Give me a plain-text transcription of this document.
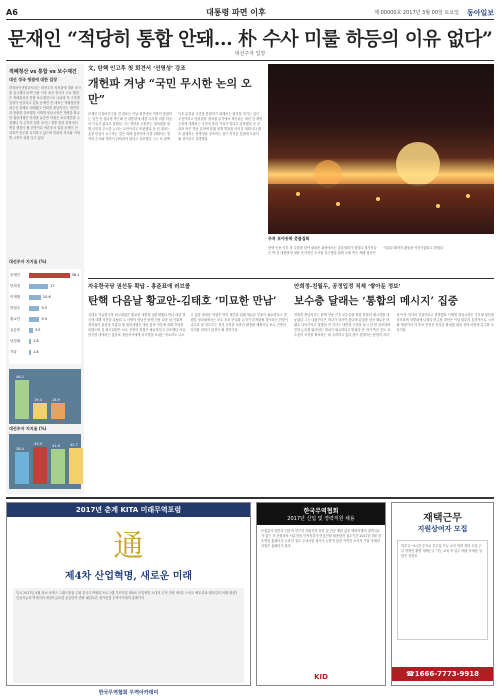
A6	대통령 파면 이후	제 00000호 2017년 3월 00일 토요일 동아일보
문재인 “적당히 통합 안돼… 朴 수사 미룰 하등의 이유 없다”
대선주자 입장
적폐청산 vs 통합 vs 보수재건
대선 정국 쟁점에 대한 입장
한상파이낸셜리서치는 대선주자 지지율에 대한 조사를 실시했다 탄핵 인용 이후 대선 정국의 주요 쟁점은 적폐청산과 통합 보수재건으로 나뉘며 각 주자별 입장이 엇갈리고 있다 문재인 전 대표는 적폐청산을 최우선 과제로 내세웠고 안희정 충남지사는 대연정과 통합을 강조했다 이재명 성남시장은 개혁을 황교안 권한대행은 안정을 유승민 의원은 보수재건을 주장했다 각 주자의 입장 차이는 향후 경선 과정에서 핵심 쟁점이 될 전망이다 여론조사 결과 문재인 전 대표가 선두를 유지하고 있으며 안희정 지사와 이재명 시장이 뒤를 잇고 있다
대선주자 지지율 (%)
문재인	36.1
안희정	17
이재명	10.6
안철수	9.3
황교안	9.3
유승민	3.5
남경필	1.8
기타	1.8
46.2
19.4	18.9
대선주자 지지율 (%)
38.4
43.9	41.6	42.7
文, 탄핵 인고후 첫 회견서 ‘선명성’ 강조
개헌파 겨냥 “국민 무시한 논의 오만”
문재인 더불어민주당 전 대표는 이날 회견에서 적당히 통합하는 것은 안 된다며 박근혜 전 대통령에 대한 수사를 미룰 하등의 이유가 없다고 말했다 그는 개헌을 주장하는 정치권을 향해 국민을 무시한 논의는 오만이라고 비판했다 문 전 대표는 촛불 민심이 요구하는 것은 적폐 청산이며 이를 위해서는 철저한 수사와 개혁이 뒤따라야 한다고 강조했다 그는 또 탄핵 이후 분열된 국민을 통합하기 위해서는 원칙을 지키는 것이 우선이라고 덧붙였다 정치권 일각에서 제기되는 대선 전 개헌 주장에 대해서는 국민의 뜻과 거리가 멀다고 일축했다 문 전 대표 측은 경선 일정에 맞춰 정책 발표를 이어갈 계획이다 캠프 관계자는 선명성을 강조하는 것이 지지층 결집에 도움이 될 것이라고 설명했다
주목 보아동학 촛불집회
탄핵 인용 이후 첫 주말을 맞아 광화문 광장에서는 촛불집회가 열렸다 참가자들은 박 전 대통령에 대한 즉각적인 수사를 촉구했다 집회 주최 측은 적폐 청산이 이뤄질 때까지 활동을 이어가겠다고 밝혔다
자유한국당 권선동 확답 - 홍준표에 러브콜
탄핵 다음날 황교안-김태호 ‘미묘한 만남’
김태호 자유한국당 최고위원은 황교안 대통령 권한대행과 만나 대선 정국에 대해 의견을 나눴다 두 사람의 만남은 탄핵 인용 다음 날 이뤄져 정치권의 관심을 모았다 황 권한대행은 대선 출마 여부에 대해 즉답을 피했으며 김 최고위원은 보수 진영의 결집이 필요하다고 강조했다 자유한국당 내에서는 홍준표 경남지사에게 러브콜을 보내는 목소리도 나오고 있다 권성동 의원은 당의 재건을 위해 새로운 인물이 필요하다고 말했다 정치권에서는 보수 후보 단일화 논의가 본격화될 것이라는 전망이 나온다 당 지도부는 경선 규칙을 조만간 확정할 계획이다 보수 진영의 지지율 회복이 관건이 될 전망이다
안희정-친월두, 공정입정 직제 ‘쌓아둔 정보’
보수층 달래는 ‘통합의 메시지’ 집중
안희정 충남지사는 탄핵 인용 이후 보수층을 향한 통합의 메시지를 내놓았다 그는 대한민국은 하나가 되어야 한다며 분열을 넘어 새로운 미래로 나아가자고 말했다 안 지사는 대연정 구상을 다시 한 번 강조하며 진영 논리를 뛰어넘는 정치가 필요하다고 밝혔다 안 지사 측은 중도 보수층의 지지를 확보하는 데 주력하고 있다 캠프 관계자는 통합의 리더십이 안 지사의 강점이라고 설명했다 이재명 성남시장은 기득권 청산을 강조하며 차별화에 나섰다 민주당 경선은 이달 말부터 본격적으로 시작될 예정이다 각 후보 진영은 지지층 확대를 위한 전략 마련에 분주한 모습이다
2017년 춘계 KITA 미래무역포럼
通
제4차 산업혁명, 새로운 미래
일시 2017년 4월 장소 코엑스 그랜드볼룸 주최 한국무역협회 프로그램 기조연설 제4차 산업혁명 시대의 무역 전략 세션1 스마트 팩토리와 제조업의 미래 세션2 인공지능과 빅데이터 세션3 글로벌 공급망의 변화 패널토론 참가신청 무역아카데미 홈페이지
한국무역협회 무역아카데미
한국무역협회
2017년 신입 및 경력직원 채용
모집분야 일반직 전산직 연구직 지원자격 학력 및 전공 제한 없음 해외여행에 결격사유가 없는 자 전형절차 서류전형 인적성검사 면접전형 최종합격 접수기간 2017년 3월 접수방법 홈페이지 온라인 접수 우대사항 외국어 능통자 관련 자격증 소지자 기타 자세한 사항은 홈페이지 참조
KID
재택근무
지원상여자 모집
하루 2~3시간 투자로 부수입 가능 나이 학력 경력 무관 주부 직장인 환영 재택근무 가능 교육 후 업무 배정 자세한 상담은 전화로
☎1666-7773-9918
